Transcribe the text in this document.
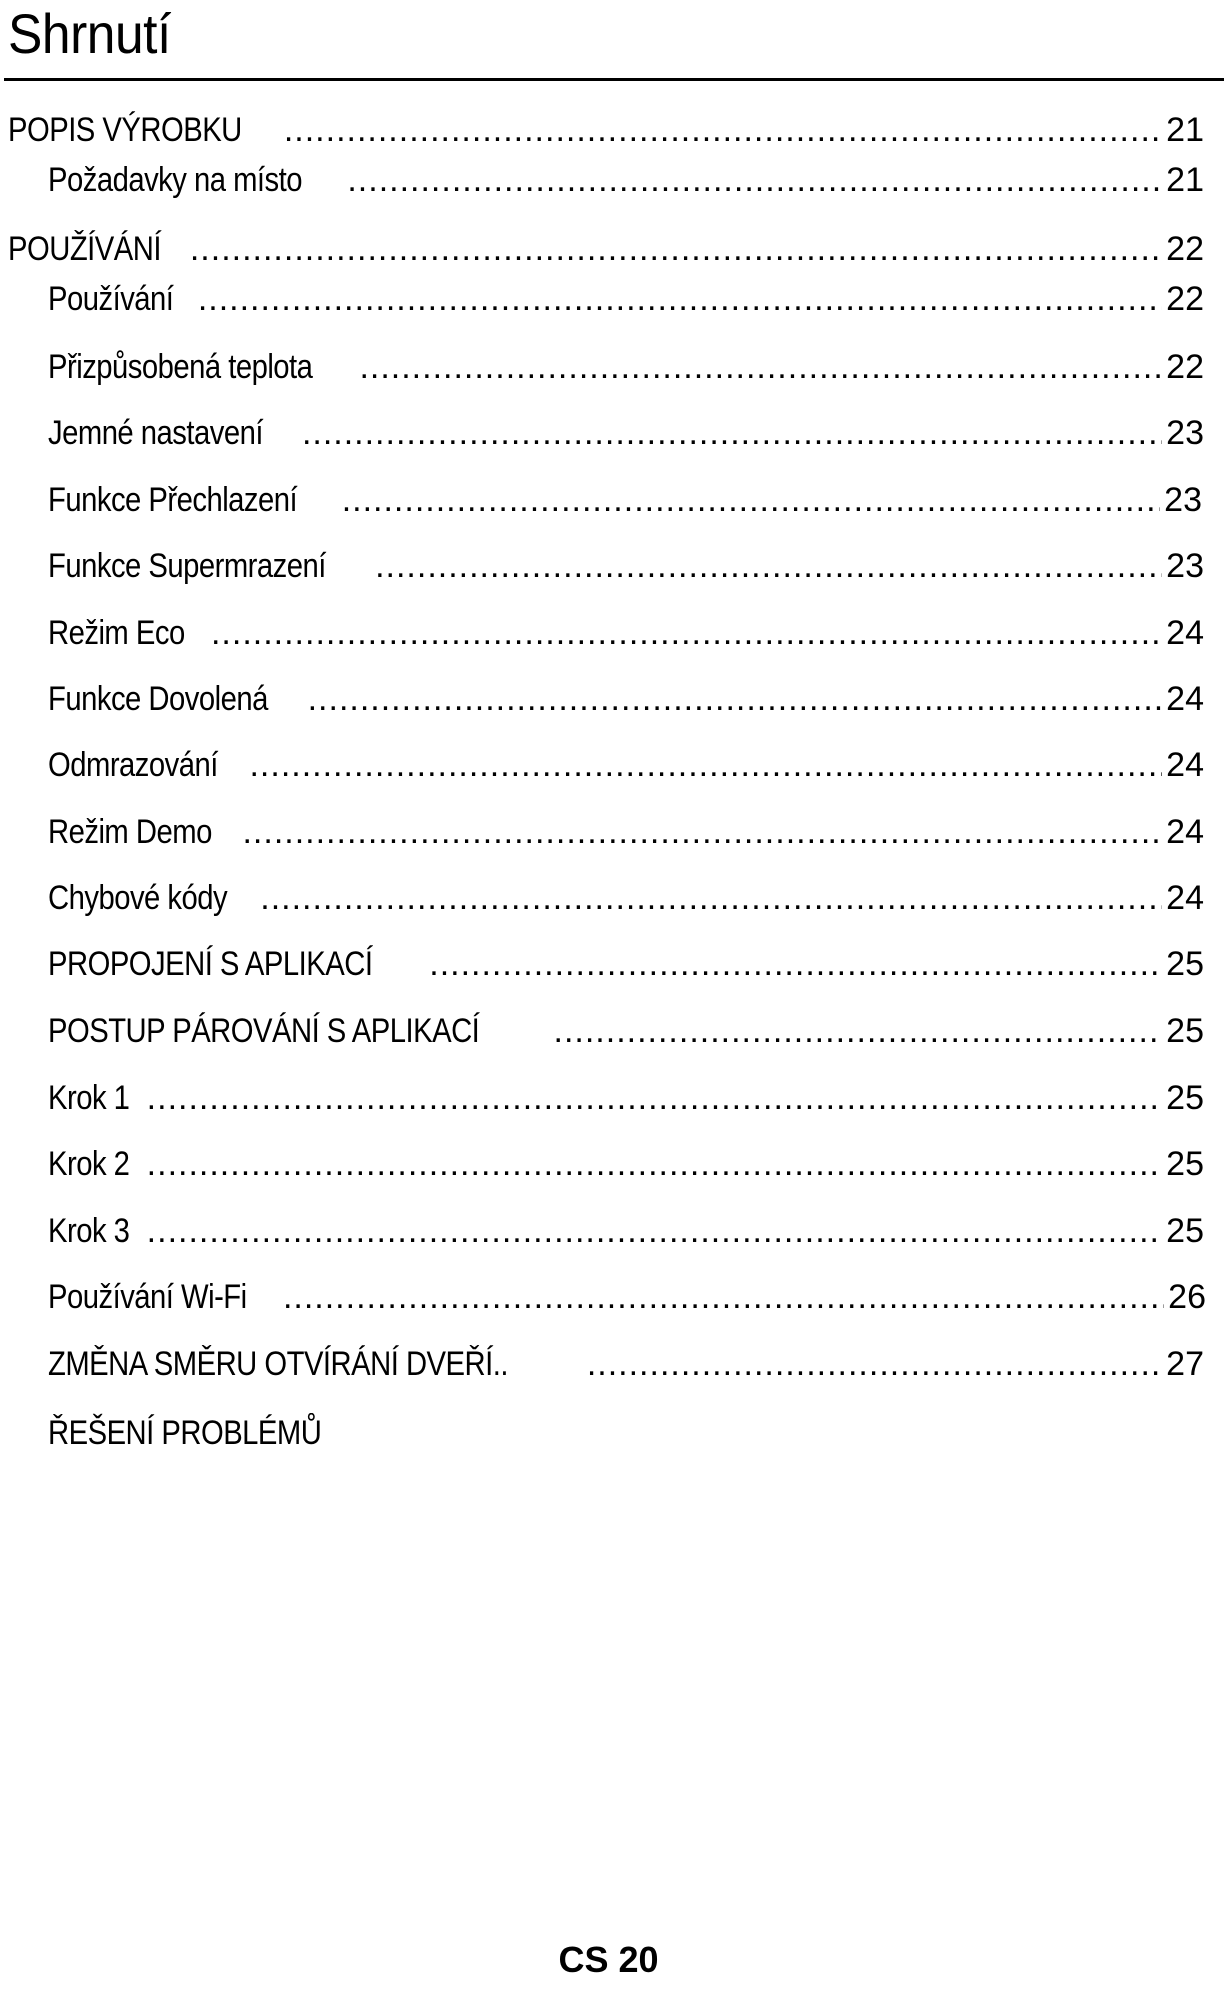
Shrnutí
POPIS VÝROBKU .....	21
Požadavky na místo .....	21
POUŽÍVÁNÍ .....	22
Používání .....	22
Přizpůsobená teplota .....	22
Jemné nastavení .....	23
Funkce Přechlazení .....	23
Funkce Supermrazení .....	23
Režim Eco .....	24
Funkce Dovolená .....	24
Odmrazování .....	24
Režim Demo .....	24
Chybové kódy .....	24
PROPOJENÍ S APLIKACÍ .....	25
POSTUP PÁROVÁNÍ S APLIKACÍ .....	25
Krok 1 .....	25
Krok 2 .....	25
Krok 3 .....	25
Používání Wi-Fi .....	26
ZMĚNA SMĚRU OTVÍRÁNÍ DVEŘÍ.. .....	27
ŘEŠENÍ PROBLÉMŮ
CS 20
